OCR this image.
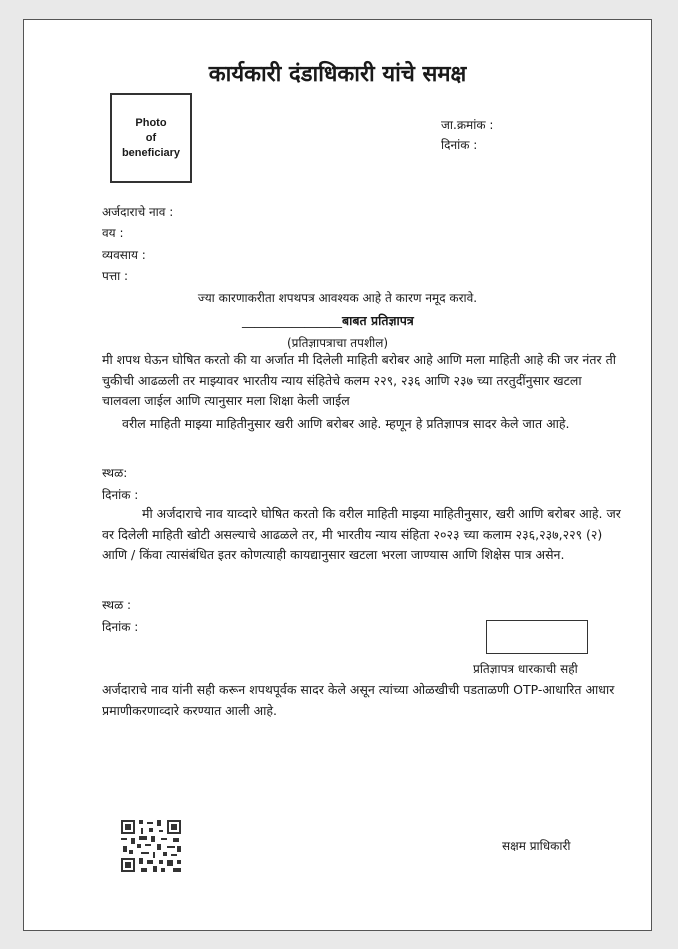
कार्यकारी दंडाधिकारी यांचे समक्ष
Photo
of
beneficiary
जा.क्रमांक :
दिनांक :
अर्जदाराचे नाव :
वय :
व्यवसाय :
पत्ता :
ज्या कारणाकरीता शपथपत्र आवश्यक आहे ते कारण नमूद करावे.
________________बाबत प्रतिज्ञापत्र
(प्रतिज्ञापत्राचा तपशील)
मी शपथ घेऊन घोषित करतो की या अर्जात मी दिलेली माहिती बरोबर आहे आणि मला माहिती आहे की जर नंतर ती चुकीची आढळली तर माझ्यावर भारतीय न्याय संहितेचे कलम २२९, २३६ आणि २३७ च्या तरतुदींनुसार खटला चालवला जाईल आणि त्यानुसार मला शिक्षा केली जाईल
वरील माहिती माझ्या माहितीनुसार खरी आणि बरोबर आहे. म्हणून हे प्रतिज्ञापत्र सादर केले जात आहे.
स्थळ:
दिनांक :
मी अर्जदाराचे नाव याव्दारे घोषित करतो कि वरील माहिती माझ्या माहितीनुसार, खरी आणि बरोबर आहे. जर वर दिलेली माहिती खोटी असल्याचे आढळले तर, मी भारतीय न्याय संहिता २०२३ च्या कलाम २३६,२३७,२२९ (२) आणि / किंवा त्यासंबंधित इतर कोणत्याही कायद्यानुसार खटला भरला जाण्यास आणि शिक्षेस पात्र असेन.
स्थळ :
दिनांक :
प्रतिज्ञापत्र धारकाची सही
अर्जदाराचे नाव यांनी सही करून शपथपूर्वक सादर केले असून त्यांच्या ओळखीची पडताळणी OTP-आधारित आधार प्रमाणीकरणाव्दारे करण्यात आली आहे.
सक्षम प्राधिकारी
